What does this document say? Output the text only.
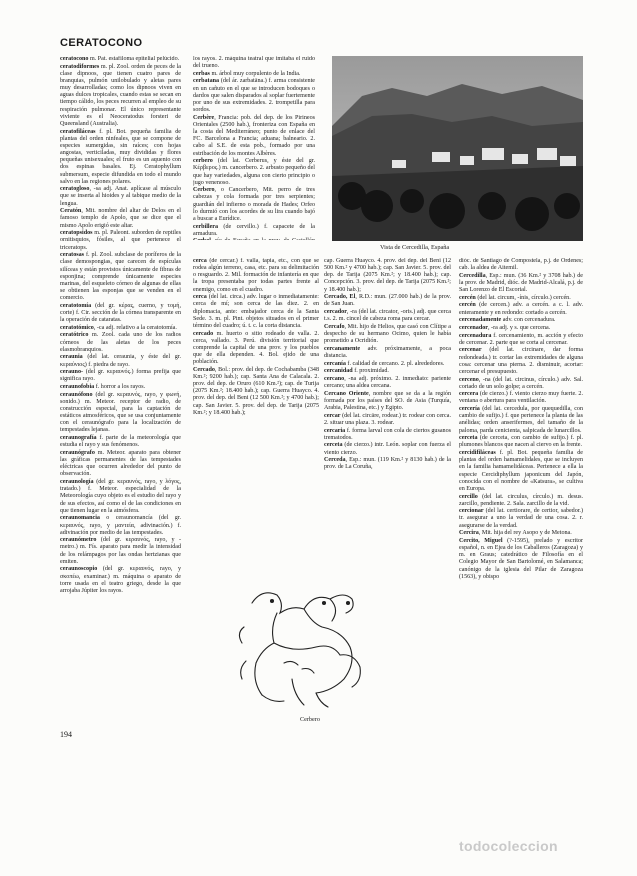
CERATOCONO

ceratocono m. Pat. estafiloma epitelial pelúcido.

ceratodiformes m. pl. Zool. orden de peces de la clase dipnoos, que tienen cuatro pares de branquias, pulmón unilobulado y aletas pares muy desarrolladas; como los dipnoos viven en aguas dulces tropicales, cuando estas se secan en tiempo cálido, los peces recurren al empleo de su respiración pulmonar. El único representante viviente es el Neoceratodus forsteri de Queensland (Australia).

ceratofiláceas f. pl. Bot. pequeña familia de plantas del orden ninfeales, que se compone de especies sumergidas, sin raíces; con hojas angostas, verticiladas, muy divididas y flores pequeñas unisexuales; el fruto es un aquenio con dos espinas basales. Ej. Ceratophyllum submersum, especie difundida en todo el mundo salvo en las regiones polares.

ceratogloso, -sa adj. Anat. aplícase al músculo que se inserta al hioides y al tabique medio de la lengua.

Ceratón, Mit. nombre del altar de Delos en el famoso templo de Apolo, que se dice que el mismo Apolo erigió este altar.

ceratopsidos m. pl. Paleont. suborden de reptiles ornitisquios, fósiles, al que pertenece el triceratops.

ceratosas f. pl. Zool. subclase de poríferos de la clase demospongias, que carecen de espículas silíceas y están provistos únicamente de fibras de esponjina; comprende únicamente especies marinas, del esqueleto córneo de algunas de ellas se obtienen las esponjas que se venden en el comercio.

ceratotomía (del gr. κέρας, cuerno, y τομή, corte) f. Cir. sección de la córnea transparente en la operación de cataratas.

ceratotómico, -ca adj. relativo a la ceratotomía.

ceratótrico m. Zool. cada uno de los radios córneos de las aletas de los peces elasmobranquios.

ceraunia (del lat. ceraunia, y éste del gr. κεραύνιος) f. piedra de rayo.

cerauno- (del gr. κεραυνός.) forma prefija que significa rayo.

ceraunofobia f. horror a los rayos.

ceraunófono (del gr. κεραυνός, rayo, y φωνή, sonido.) m. Meteor. receptor de radio, de construcción especial, para la captación de estáticos atmosféricos, que se usa conjuntamente con el ceraunógrafo para la localización de tempestades lejanas.

ceraunografía f. parte de la meteorología que estudia el rayo y sus fenómenos.

ceraunógrafo m. Meteor. aparato para obtener las gráficas permanentes de las tempestades eléctricas que ocurren alrededor del punto de observación.

ceraunología (del gr. κεραυνός, rayo, y λόγος, tratado.) f. Meteor. especialidad de la Meteorología cuyo objeto es el estudio del rayo y de sus efectos, así como el de las condiciones en que tienen lugar en la atmósfera.

ceraunomancia o ceraunomancía (del gr. κεραυνός, rayo, y μαντεία, adivinación.) f. adivinación por medio de las tempestades.

ceraunómetro (del gr. κεραυνός, rayo, y -metro.) m. Fís. aparato para medir la intensidad de los relámpagos por las ondas hertzianas que emiten.

ceraunoscopio (del gr. κεραυνός, rayo, y σκοπέω, examinar.) m. máquina o aparato de torre usada en el teatro griego, desde la que arrojaba Júpiter los rayos.

los rayos. 2. máquina teatral que imitaba el ruido del trueno.

cerbas m. árbol muy corpulento de la India.

cerbatana (del ár. zarbatāna.) f. arma consistente en un cañuto en el que se introducen bodoques o dardos que salen disparados al soplar fuertemente por uno de sus extremidades. 2. trompetilla para sordos.

Cerbère, Francia: pob. del dep. de los Pirineos Orientales (2500 hab.), fronteriza con España en la costa del Mediterráneo; punto de enlace del FC. Barcelona a Francia; aduana; balneario. 2. cabo al S.E. de esta pob., formado por una estribación de los montes Albères.

cerbero (del lat. Cerberus, y éste del gr. Κέρβερος.) m. cancerbero. 2. arbusto pequeño del que hay variedades, alguna con cierto principio o jugo venenoso.

Cerbero, o Cancerbero, Mit. perro de tres cabezas y cola formada por tres serpientes; guardián del infierno o morada de Hades; Orfeo lo durmió con los acordes de su lira cuando bajó a buscar a Eurídice.

cerbillera (de cervillo.) f. capacete de la armadura.

Vista de Cercedilla, España

cerca (de cercar.) f. valla, tapia, etc., con que se rodea algún terreno, casa, etc. para su delimitación o resguardo. 2. Mil. formación de infantería en que la tropa presentaba por todas partes frente al enemigo, como en el cuadro.

cerca (del lat. circa.) adv. lugar o inmediatamente: cerca de mí; son cerca de las diez. 2. en diplomacia, ante: embajador cerca de la Santa Sede. 3. m. pl. Pint. objetos situados en el primer término del cuadro; ú. t. c. la corta distancia.

cercado m. huerto o sitio rodeado de valla. 2. cerca, vallado. 3. Perú. división territorial que comprende la capital de una prov. y los pueblos que de ella dependen. 4. Bol. ejido de una población.

Cercado, Bol.: prov. del dep. de Cochabamba (348 Km.²; 9200 hab.); cap. Santa Ana de Calacala. 2. prov. del dep. de Oruro (610 Km.²); cap. de Turija (2075 Km.²; 18.400 hab.); cap. Guerra Huayco. 4. prov. del dep. del Beni (12 500 Km.²; y 4700 hab.); cap. San Javier. 5. prov. del dep. de Tarija (2075 Km.²; y 18.400 hab.);

cap. Guerra Huayco. 4. prov. del dep. del Beni (12 500 Km.² y 4700 hab.); cap. San Javier. 5. prov. del dep. de Tarija (2075 Km.²; y 18.400 hab.); cap. Concepción. 3. prov. del dep. de Tarija (2075 Km.²; y 18.400 hab.);

Cercado, El, R.D.: mun. (27.000 hab.) de la prov. de San Juan.

cercador, -ra (del lat. circator, -oris.) adj. que cerca t.s. 2. m. cincel de cabeza roma para cercar.

Cercafo, Mit. hijo de Helios, que casó con Clítipe a despecho de su hermano Ocimo, quien le había prometido a Ocridión.

cercanamente adv. próximamente, a poca distancia.

cercanía f. calidad de cercano. 2. pl. alrededores.

cercanidad f. proximidad.

cercano, -na adj. próximo. 2. inmediato: pariente cercano; una aldea cercana.

Cercano Oriente, nombre que se da a la región formada por los países del SO. de Asia (Turquía, Arabia, Palestina, etc.) y Egipto.

cercar (del lat. circāre, rodear.) tr. rodear con cerca. 2. situar una plaza. 3. rodear.

cercaria f. forma larval con cola de ciertos gusanos trematodos.

cerceta (de cierzo.) intr. León. soplar con fuerza el viento cierzo.

Cerceda, Esp.: mun. (119 Km.² y 8130 hab.) de la prov. de La Coruña,

dióc. de Santiago de Compostela, p.j. de Ordenes; cab. la aldea de Aitemil.

Cercedilla, Esp.: mun. (36 Km.² y 3708 hab.) de la prov. de Madrid, dióc. de Madrid-Alcalá, p.j. de San Lorenzo de El Escorial.

cercén (del lat. circum, -ínis, círculo.) cercén.

cercén (de cercen.) adv. a cercén. a c. l. adv. enteramente y en redondo: cortado a cercén.

cercenadamente adv. con cercenadura.

cercenador, -ra adj. y s. que cercena.

cercenadura f. cercenamiento, m. acción y efecto de cercenar. 2. parte que se corta al cercenar.

cercenar (del lat. circinare, dar forma redondeada.) tr. cortar las extremidades de alguna cosa: cercenar una pierna. 2. disminuir, acortar: cercenar el presupuesto.

cerceno, -na (del lat. circinus, círculo.) adv. Sal. cortado de un solo golpe; a cercén.

cercera (de cierzo.) f. viento cierzo muy fuerte. 2. ventana o abertura para ventilación.

cercería (del lat. cercedula, por quequedilla, con cambio de sufijo.) f. que pertenece la planta de las anélidas; orden anserifermes, del tamaño de la paloma, parda cenicienta, salpicada de lunarcillos.

cerceta (de cerceta, con cambio de sufijo.) f. pl. plumones blancos que nacen al ciervo en la frente.

cercidifiláceas f. pl. Bot. pequeña familia de plantas del orden hamamelidales, que se incluyen en la familia hamamelidáceas. Pertenece a ella la especie Cercidiphyllum japonicum del Japón, conocida con el nombre de «Katsura», se cultiva en Europa.

cercillo (del lat. circulus, círculo.) m. desus. zarcillo, pendiente. 2. Sala. zarcillo de la vid.

cercionar (del lat. certiorare, de certior, sabedor.) tr. asegurar a uno la verdad de una cosa. 2. r. asegurarse de la verdad.

Cercira, Mit. hija del rey Asopo y de Metona.

Cercito, Miguel (?-1595), prelado y escritor español, n. en Ejea de los Caballeros (Zaragoza) y m. en Graus; catedrático de Filosofía en el Colegio Mayor de San Bartolomé, en Salamanca; canónigo de la iglesia del Pilar de Zaragoza (1563), y obispo

Cerbero
194
todocoleccion
